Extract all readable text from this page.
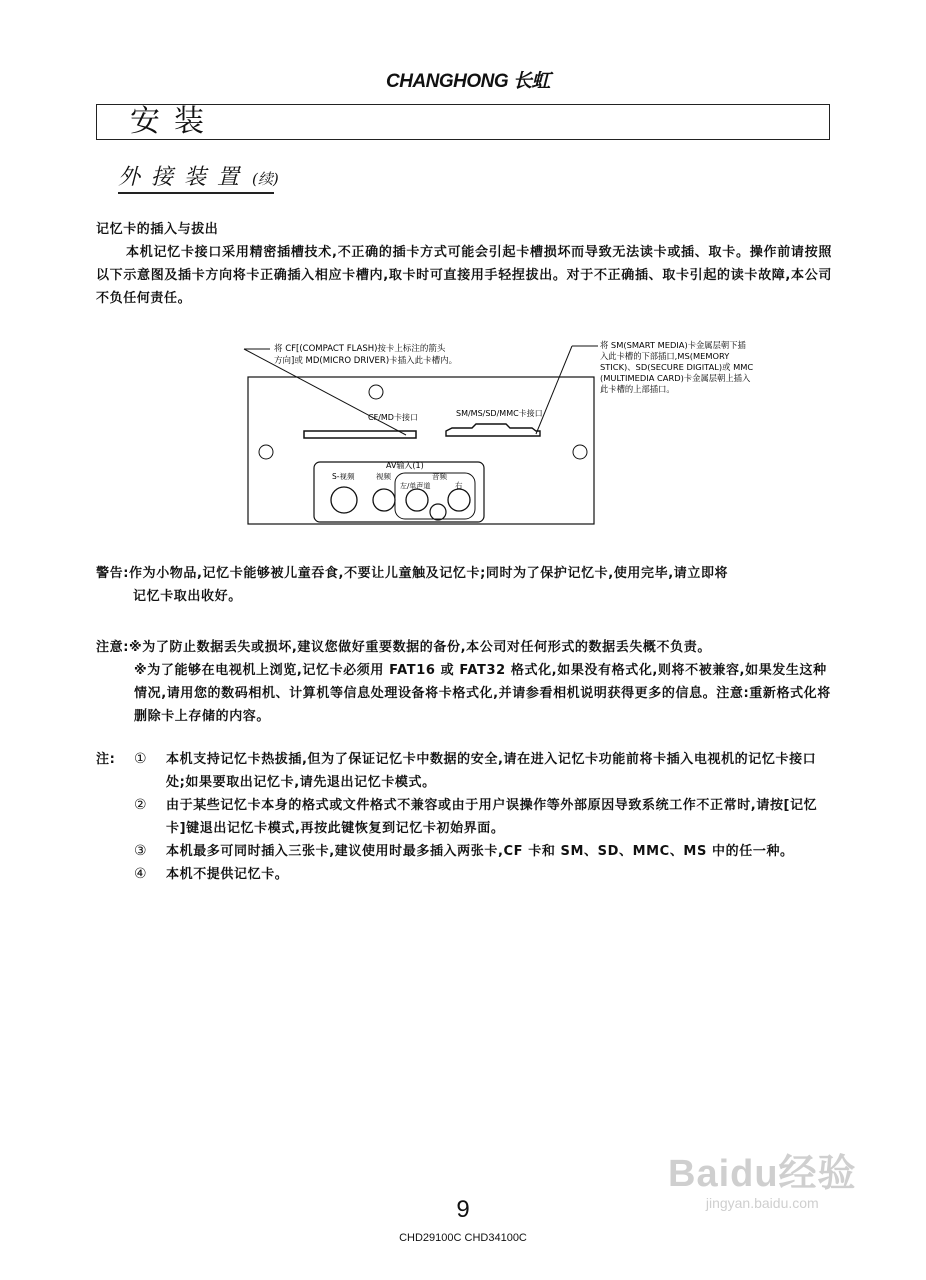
CHANGHONG 长虹
安装
外接装置 (续)
记忆卡的插入与拔出
本机记忆卡接口采用精密插槽技术,不正确的插卡方式可能会引起卡槽损坏而导致无法读卡或插、取卡。操作前请按照以下示意图及插卡方向将卡正确插入相应卡槽内,取卡时可直接用手轻捏拔出。对于不正确插、取卡引起的读卡故障,本公司不负任何责任。
将 CF[(COMPACT FLASH)按卡上标注的箭头
方向]或 MD(MICRO DRIVER)卡插入此卡槽内。
将 SM(SMART MEDIA)卡金属层朝下插
入此卡槽的下部插口,MS(MEMORY
STICK)、SD(SECURE DIGITAL)或 MMC
(MULTIMEDIA CARD)卡金属层朝上插入
此卡槽的上部插口。
CF/MD卡接口	SM/MS/SD/MMC卡接口
AV输入(1)
S-视频	视频	音频
左/单声道	右
警告:作为小物品,记忆卡能够被儿童吞食,不要让儿童触及记忆卡;同时为了保护记忆卡,使用完毕,请立即将
记忆卡取出收好。
注意:※为了防止数据丢失或损坏,建议您做好重要数据的备份,本公司对任何形式的数据丢失概不负责。
※为了能够在电视机上浏览,记忆卡必须用 FAT16 或 FAT32 格式化,如果没有格式化,则将不被兼容,如果发生这种情况,请用您的数码相机、计算机等信息处理设备将卡格式化,并请参看相机说明获得更多的信息。注意:重新格式化将删除卡上存储的内容。
注:	①	本机支持记忆卡热拔插,但为了保证记忆卡中数据的安全,请在进入记忆卡功能前将卡插入电视机的记忆卡接口处;如果要取出记忆卡,请先退出记忆卡模式。
②	由于某些记忆卡本身的格式或文件格式不兼容或由于用户误操作等外部原因导致系统工作不正常时,请按[记忆卡]键退出记忆卡模式,再按此键恢复到记忆卡初始界面。
③	本机最多可同时插入三张卡,建议使用时最多插入两张卡,CF 卡和 SM、SD、MMC、MS 中的任一种。
④	本机不提供记忆卡。
Baidu经验
jingyan.baidu.com
9
CHD29100C CHD34100C
